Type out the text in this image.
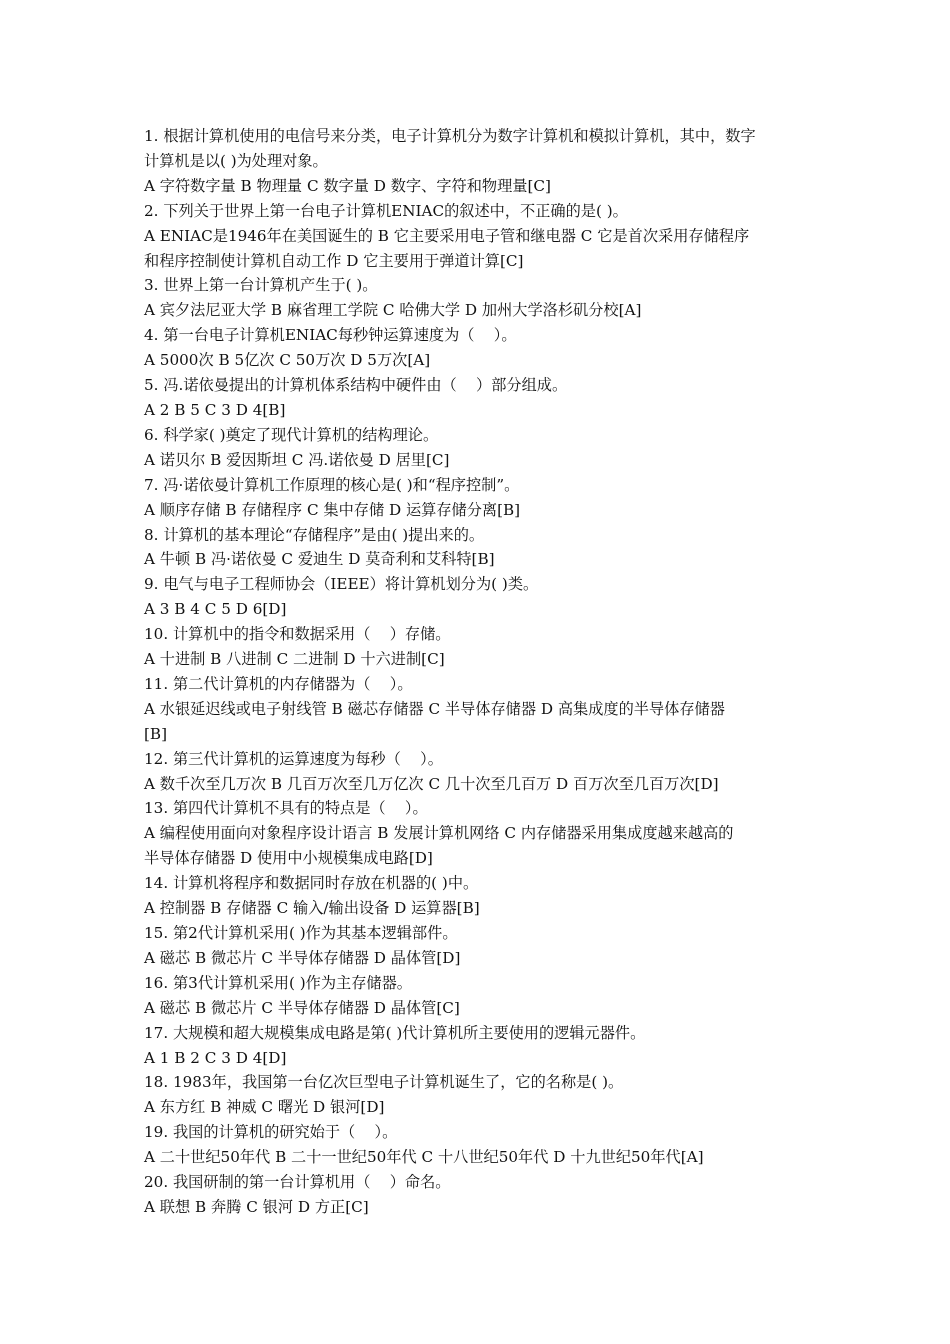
1. 根据计算机使用的电信号来分类，电子计算机分为数字计算机和模拟计算机，其中，数字
计算机是以( )为处理对象。
A 字符数字量 B 物理量 C 数字量 D 数字、字符和物理量[C]
2. 下列关于世界上第一台电子计算机ENIAC的叙述中，不正确的是( )。
A ENIAC是1946年在美国诞生的 B 它主要采用电子管和继电器 C 它是首次采用存储程序
和程序控制使计算机自动工作 D 它主要用于弹道计算[C]
3. 世界上第一台计算机产生于( )。
A 宾夕法尼亚大学 B 麻省理工学院 C 哈佛大学 D 加州大学洛杉矶分校[A]
4. 第一台电子计算机ENIAC每秒钟运算速度为（    ）。
A 5000次 B 5亿次 C 50万次 D 5万次[A]
5. 冯.诺依曼提出的计算机体系结构中硬件由（    ）部分组成。
A 2 B 5 C 3 D 4[B]
6. 科学家( )奠定了现代计算机的结构理论。
A 诺贝尔 B 爱因斯坦 C 冯.诺依曼 D 居里[C]
7. 冯·诺依曼计算机工作原理的核心是( )和“程序控制”。
A 顺序存储 B 存储程序 C 集中存储 D 运算存储分离[B]
8. 计算机的基本理论“存储程序”是由( )提出来的。
A 牛顿 B 冯·诺依曼 C 爱迪生 D 莫奇利和艾科特[B]
9. 电气与电子工程师协会（IEEE）将计算机划分为( )类。
A 3 B 4 C 5 D 6[D]
10. 计算机中的指令和数据采用（    ）存储。
A 十进制 B 八进制 C 二进制 D 十六进制[C]
11. 第二代计算机的内存储器为（    ）。
A 水银延迟线或电子射线管 B 磁芯存储器 C 半导体存储器 D 高集成度的半导体存储器
[B]
12. 第三代计算机的运算速度为每秒（    ）。
A 数千次至几万次 B 几百万次至几万亿次 C 几十次至几百万 D 百万次至几百万次[D]
13. 第四代计算机不具有的特点是（    ）。
A 编程使用面向对象程序设计语言 B 发展计算机网络 C 内存储器采用集成度越来越高的
半导体存储器 D 使用中小规模集成电路[D]
14. 计算机将程序和数据同时存放在机器的( )中。
A 控制器 B 存储器 C 输入/输出设备 D 运算器[B]
15. 第2代计算机采用( )作为其基本逻辑部件。
A 磁芯 B 微芯片 C 半导体存储器 D 晶体管[D]
16. 第3代计算机采用( )作为主存储器。
A 磁芯 B 微芯片 C 半导体存储器 D 晶体管[C]
17. 大规模和超大规模集成电路是第( )代计算机所主要使用的逻辑元器件。
A 1 B 2 C 3 D 4[D]
18. 1983年，我国第一台亿次巨型电子计算机诞生了，它的名称是( )。
A 东方红 B 神威 C 曙光 D 银河[D]
19. 我国的计算机的研究始于（    ）。
A 二十世纪50年代 B 二十一世纪50年代 C 十八世纪50年代 D 十九世纪50年代[A]
20. 我国研制的第一台计算机用（    ）命名。
A 联想 B 奔腾 C 银河 D 方正[C]
